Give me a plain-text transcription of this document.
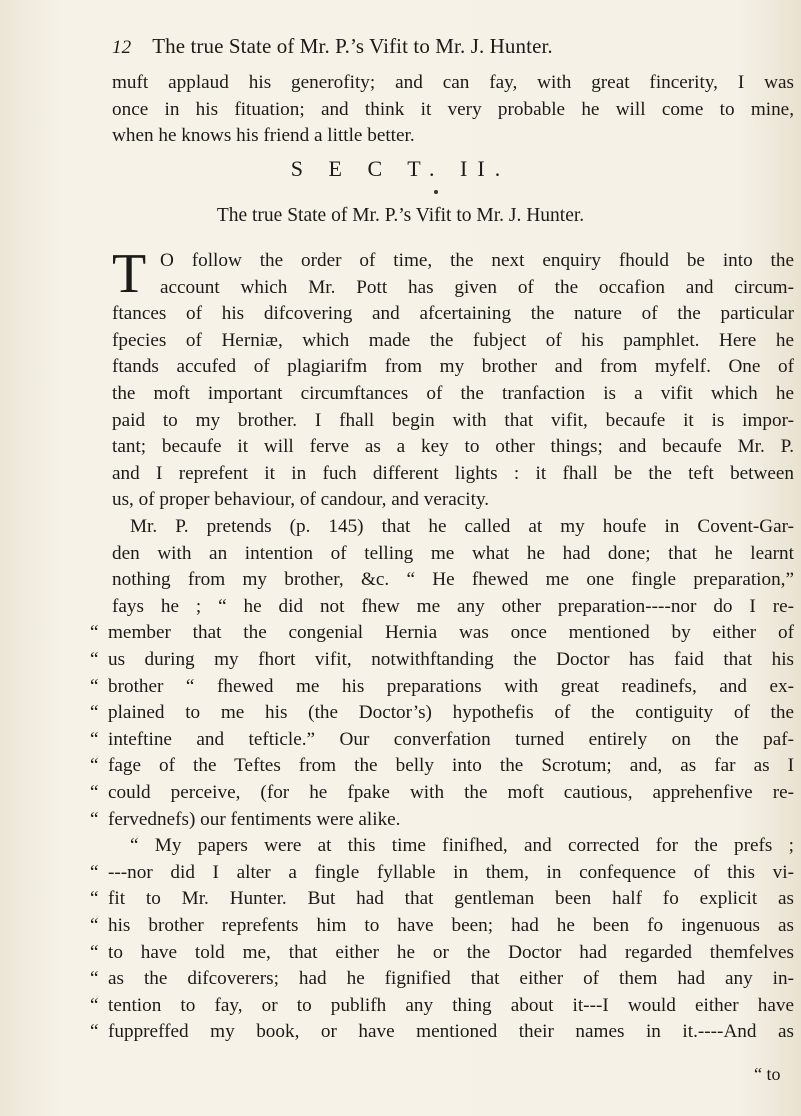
12 The true State of Mr. P.’s Vifit to Mr. J. Hunter.
muft applaud his generofity; and can fay, with great fincerity, I was
once in his fituation; and think it very probable he will come to mine,
when he knows his friend a little better.
S E C T. II.
The true State of Mr. P.’s Vifit to Mr. J. Hunter.
T O follow the order of time, the next enquiry fhould be into the
account which Mr. Pott has given of the occafion and circum-
ftances of his difcovering and afcertaining the nature of the particular
fpecies of Herniæ, which made the fubject of his pamphlet. Here he
ftands accufed of plagiarifm from my brother and from myfelf. One of
the moft important circumftances of the tranfaction is a vifit which he
paid to my brother. I fhall begin with that vifit, becaufe it is impor-
tant; becaufe it will ferve as a key to other things; and becaufe Mr. P.
and I reprefent it in fuch different lights : it fhall be the teft between
us, of proper behaviour, of candour, and veracity.
Mr. P. pretends (p. 145) that he called at my houfe in Covent-Gar-
den with an intention of telling me what he had done; that he learnt
nothing from my brother, &c. “ He fhewed me one fingle preparation,”
fays he ; “ he did not fhew me any other preparation----nor do I re-
“ member that the congenial Hernia was once mentioned by either of
“ us during my fhort vifit, notwithftanding the Doctor has faid that his
“ brother “ fhewed me his preparations with great readinefs, and ex-
“ plained to me his (the Doctor’s) hypothefis of the contiguity of the
“ inteftine and tefticle.” Our converfation turned entirely on the paf-
“ fage of the Teftes from the belly into the Scrotum; and, as far as I
“ could perceive, (for he fpake with the moft cautious, apprehenfive re-
“ fervednefs) our fentiments were alike.
“ My papers were at this time finifhed, and corrected for the prefs ;
“ ---nor did I alter a fingle fyllable in them, in confequence of this vi-
“ fit to Mr. Hunter. But had that gentleman been half fo explicit as
“ his brother reprefents him to have been; had he been fo ingenuous as
“ to have told me, that either he or the Doctor had regarded themfelves
“ as the difcoverers; had he fignified that either of them had any in-
“ tention to fay, or to publifh any thing about it---I would either have
“ fuppreffed my book, or have mentioned their names in it.----And as
“ to
